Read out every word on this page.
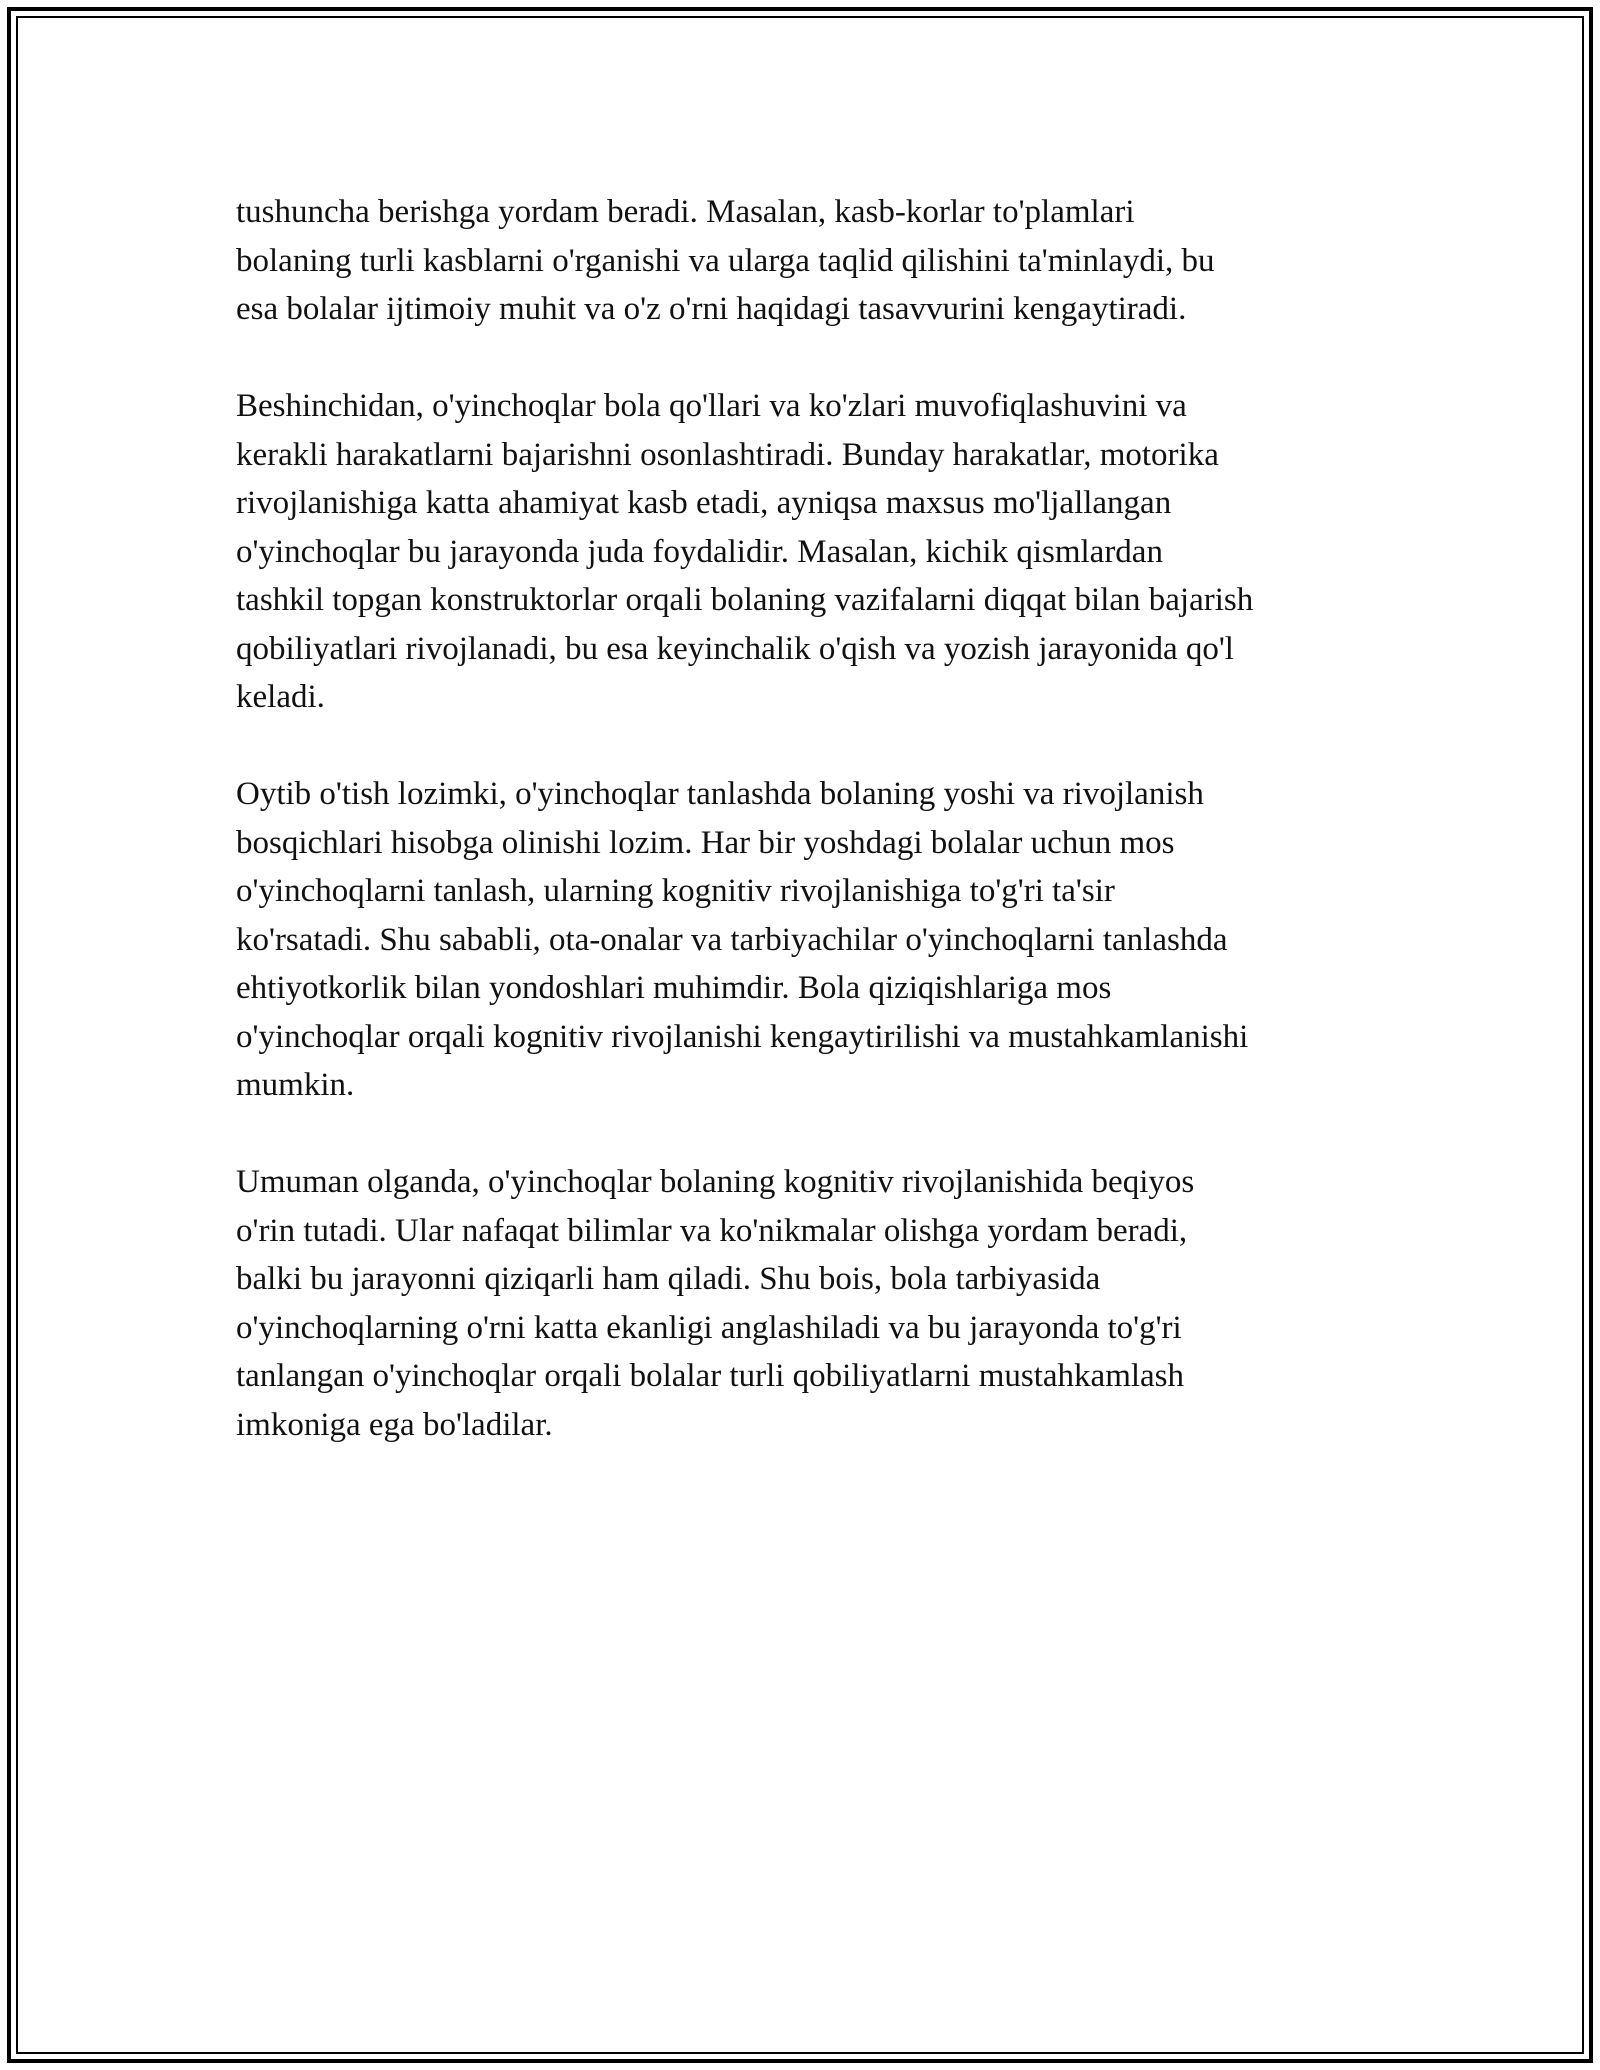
tushuncha berishga yordam beradi. Masalan, kasb-korlar to'plamlari
bolaning turli kasblarni o'rganishi va ularga taqlid qilishini ta'minlaydi, bu
esa bolalar ijtimoiy muhit va o'z o'rni haqidagi tasavvurini kengaytiradi.

Beshinchidan, o'yinchoqlar bola qo'llari va ko'zlari muvofiqlashuvini va
kerakli harakatlarni bajarishni osonlashtiradi. Bunday harakatlar, motorika
rivojlanishiga katta ahamiyat kasb etadi, ayniqsa maxsus mo'ljallangan
o'yinchoqlar bu jarayonda juda foydalidir. Masalan, kichik qismlardan
tashkil topgan konstruktorlar orqali bolaning vazifalarni diqqat bilan bajarish
qobiliyatlari rivojlanadi, bu esa keyinchalik o'qish va yozish jarayonida qo'l
keladi.

Oytib o'tish lozimki, o'yinchoqlar tanlashda bolaning yoshi va rivojlanish
bosqichlari hisobga olinishi lozim. Har bir yoshdagi bolalar uchun mos
o'yinchoqlarni tanlash, ularning kognitiv rivojlanishiga to'g'ri ta'sir
ko'rsatadi. Shu sababli, ota-onalar va tarbiyachilar o'yinchoqlarni tanlashda
ehtiyotkorlik bilan yondoshlari muhimdir. Bola qiziqishlariga mos
o'yinchoqlar orqali kognitiv rivojlanishi kengaytirilishi va mustahkamlanishi
mumkin.

Umuman olganda, o'yinchoqlar bolaning kognitiv rivojlanishida beqiyos
o'rin tutadi. Ular nafaqat bilimlar va ko'nikmalar olishga yordam beradi,
balki bu jarayonni qiziqarli ham qiladi. Shu bois, bola tarbiyasida
o'yinchoqlarning o'rni katta ekanligi anglashiladi va bu jarayonda to'g'ri
tanlangan o'yinchoqlar orqali bolalar turli qobiliyatlarni mustahkamlash
imkoniga ega bo'ladilar.
